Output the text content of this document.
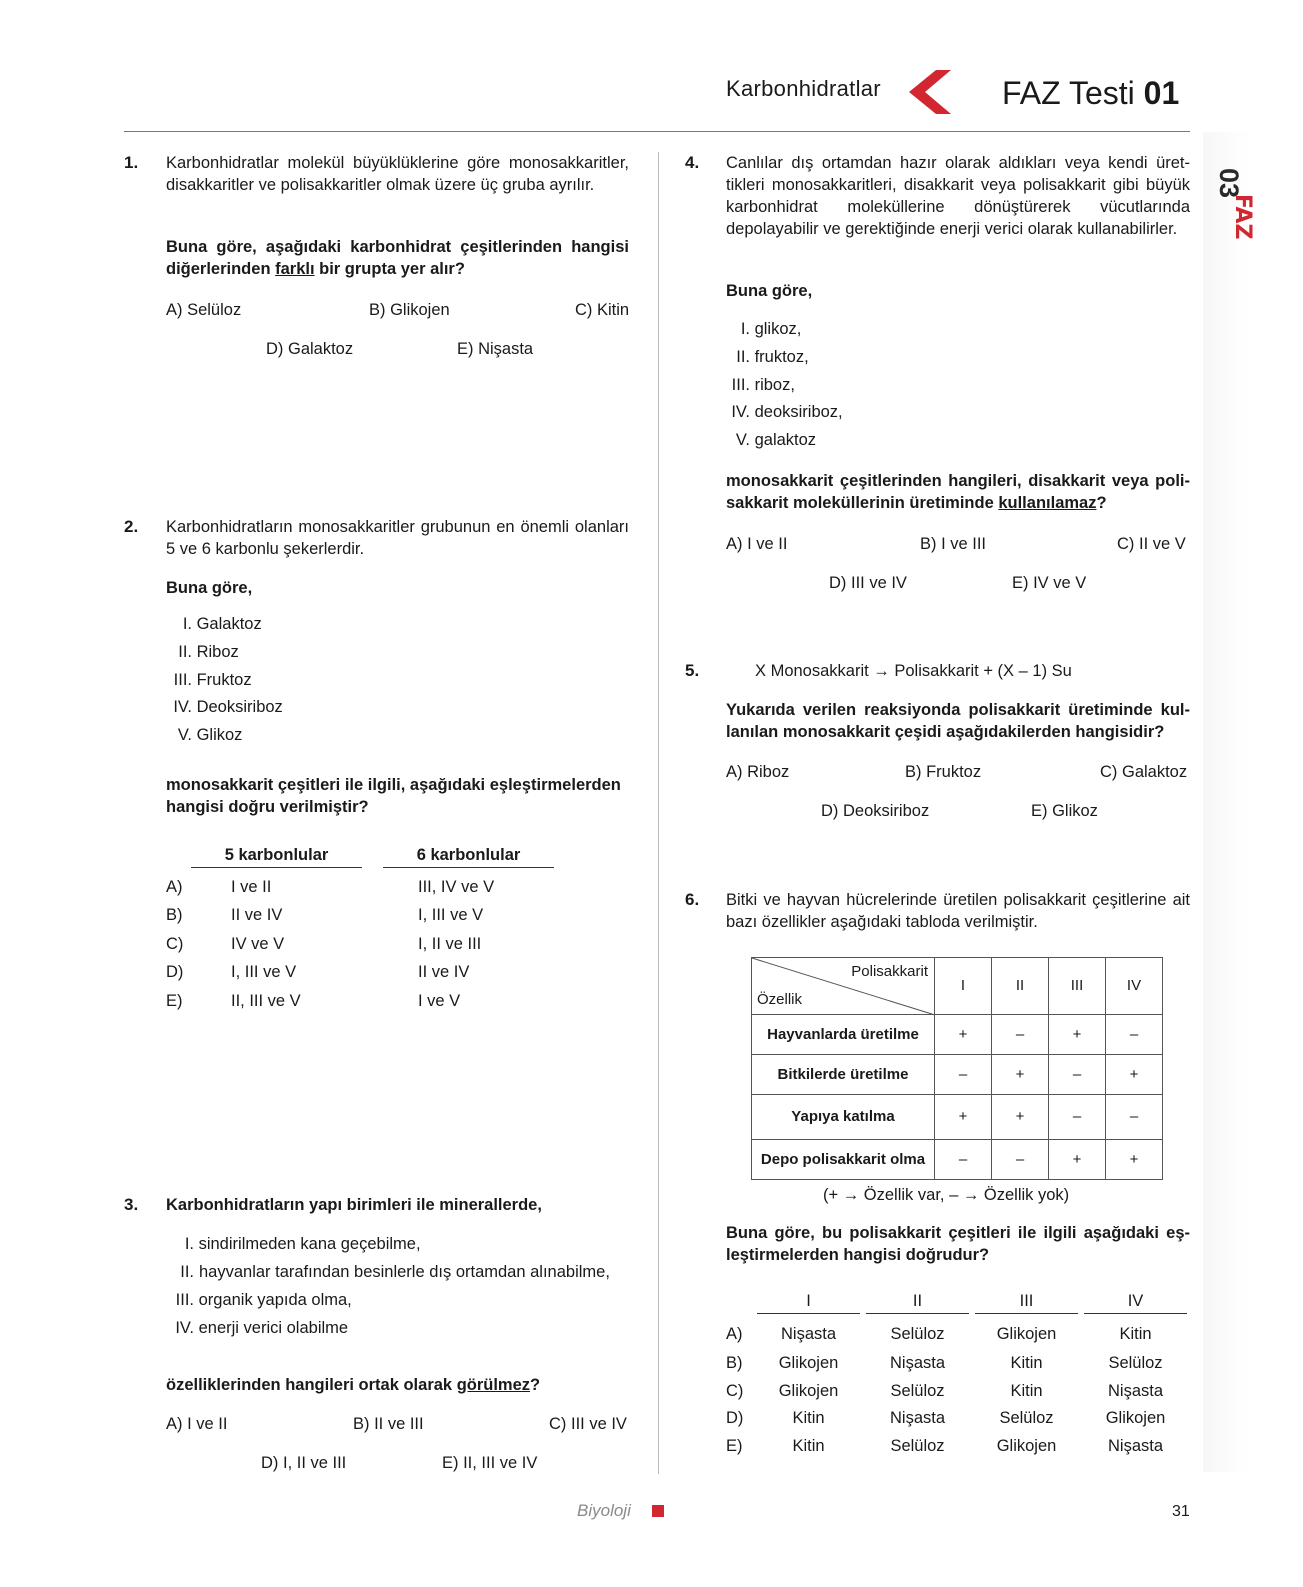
Karbonhidratlar	FAZ Testi 01
FAZ
03
1. Karbonhidratlar molekül büyüklüklerine göre monosakkaritler, disakkaritler ve polisakkaritler olmak üzere üç gruba ayrılır.
Buna göre, aşağıdaki karbonhidrat çeşitlerinden hangisi diğerlerinden farklı bir grupta yer alır?
A) Selüloz	B) Glikojen	C) Kitin
D) Galaktoz	E) Nişasta
2. Karbonhidratların monosakkaritler grubunun en önemli olanları 5 ve 6 karbonlu şekerlerdir.
Buna göre,
I. Galaktoz
II. Riboz
III. Fruktoz
IV. Deoksiriboz
V. Glikoz
monosakkarit çeşitleri ile ilgili, aşağıdaki eşleştirmelerden hangisi doğru verilmiştir?
5 karbonlular	6 karbonlular
A)	I ve II	III, IV ve V
B)	II ve IV	I, III ve V
C)	IV ve V	I, II ve III
D)	I, III ve V	II ve IV
E)	II, III ve V	I ve V
3. Karbonhidratların yapı birimleri ile minerallerde,
I. sindirilmeden kana geçebilme,
II. hayvanlar tarafından besinlerle dış ortamdan alınabilme,
III. organik yapıda olma,
IV. enerji verici olabilme
özelliklerinden hangileri ortak olarak görülmez?
A) I ve II	B) II ve III	C) III ve IV
D) I, II ve III	E) II, III ve IV
4. Canlılar dış ortamdan hazır olarak aldıkları veya kendi ürettikleri monosakkaritleri, disakkarit veya polisakkarit gibi büyük karbonhidrat moleküllerine dönüştürerek vücutlarında depolayabilir ve gerektiğinde enerji verici olarak kullanabilirler.
Buna göre,
I. glikoz,
II. fruktoz,
III. riboz,
IV. deoksiriboz,
V. galaktoz
monosakkarit çeşitlerinden hangileri, disakkarit veya polisakkarit moleküllerinin üretiminde kullanılamaz?
A) I ve II	B) I ve III	C) II ve V
D) III ve IV	E) IV ve V
5.	X Monosakkarit → Polisakkarit + (X – 1) Su
Yukarıda verilen reaksiyonda polisakkarit üretiminde kullanılan monosakkarit çeşidi aşağıdakilerden hangisidir?
A) Riboz	B) Fruktoz	C) Galaktoz
D) Deoksiriboz	E) Glikoz
6. Bitki ve hayvan hücrelerinde üretilen polisakkarit çeşitlerine ait bazı özellikler aşağıdaki tabloda verilmiştir.
Polisakkarit
Özellik	I	II	III	IV
Hayvanlarda üretilme	+	–	+	–
Bitkilerde üretilme	–	+	–	+
Yapıya katılma	+	+	–	–
Depo polisakkarit olma	–	–	+	+
(+ → Özellik var, – → Özellik yok)
Buna göre, bu polisakkarit çeşitleri ile ilgili aşağıdaki eşleştirmelerden hangisi doğrudur?
I	II	III	IV
A)	Nişasta	Selüloz	Glikojen	Kitin
B)	Glikojen	Nişasta	Kitin	Selüloz
C)	Glikojen	Selüloz	Kitin	Nişasta
D)	Kitin	Nişasta	Selüloz	Glikojen
E)	Kitin	Selüloz	Glikojen	Nişasta
Biyoloji	31
